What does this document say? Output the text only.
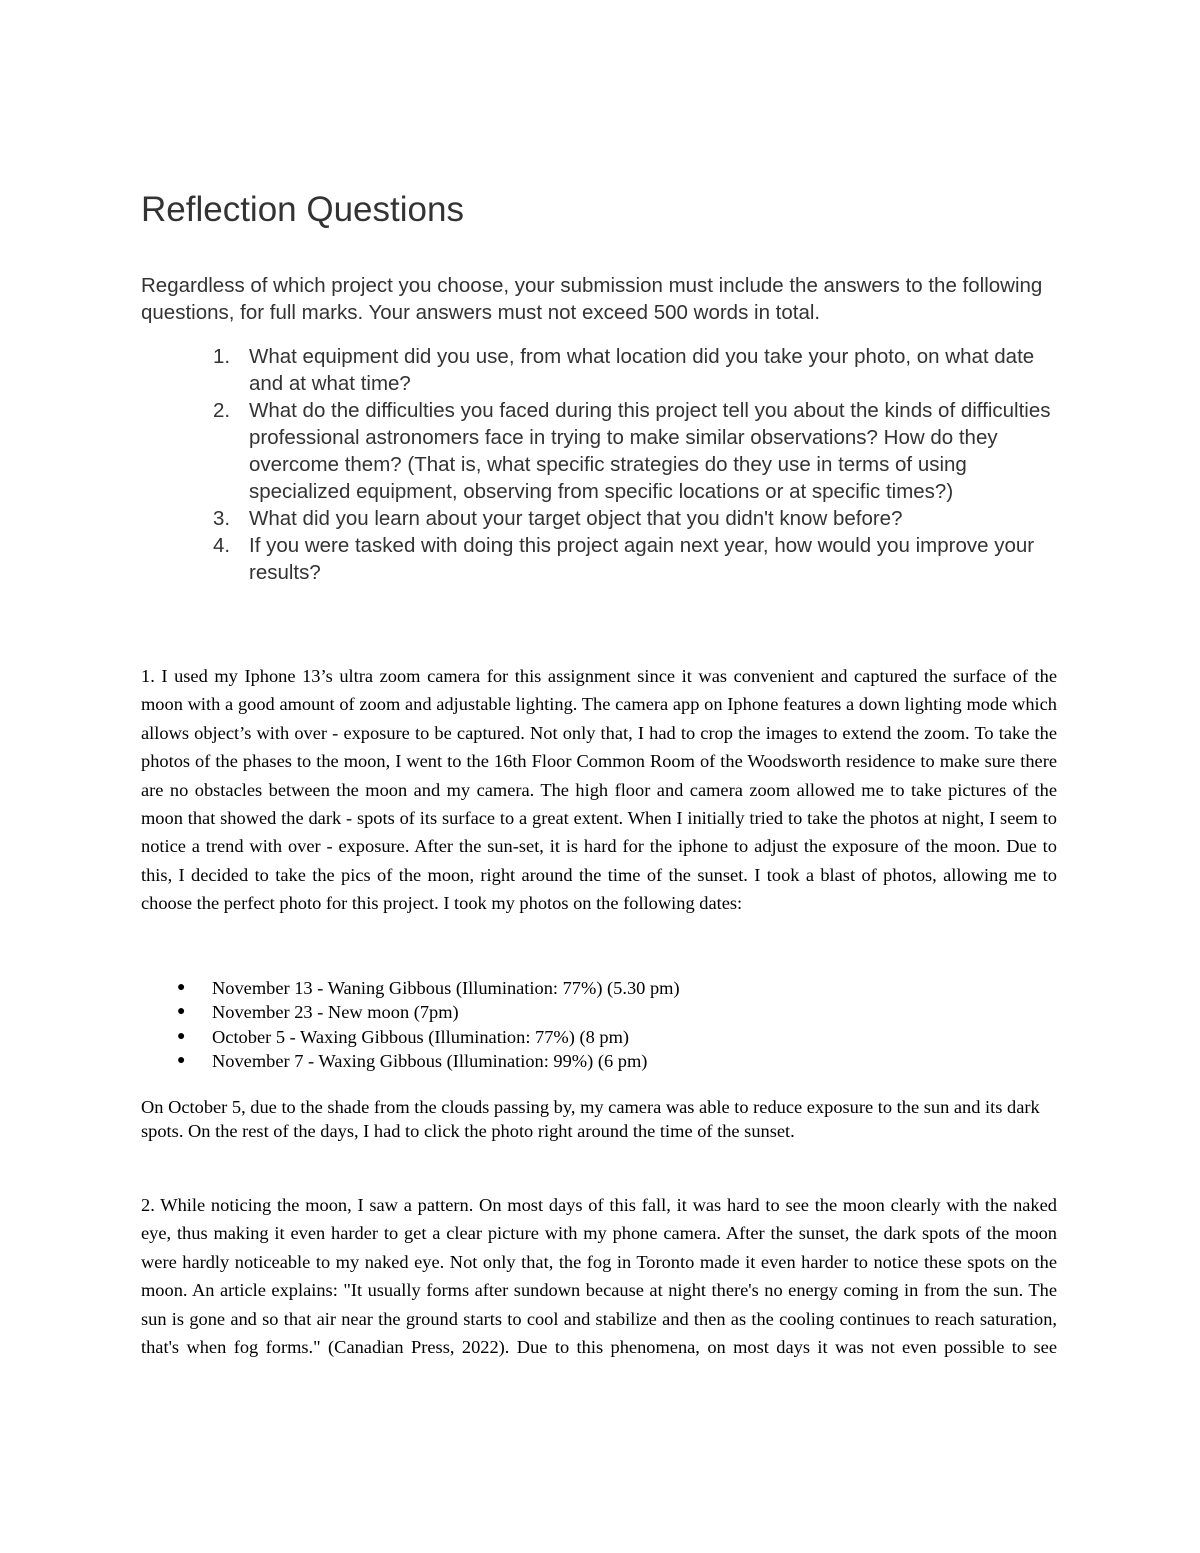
Reflection Questions

Regardless of which project you choose, your submission must include the answers to the following questions, for full marks. Your answers must not exceed 500 words in total.

1. What equipment did you use, from what location did you take your photo, on what date and at what time?
2. What do the difficulties you faced during this project tell you about the kinds of difficulties professional astronomers face in trying to make similar observations? How do they overcome them? (That is, what specific strategies do they use in terms of using specialized equipment, observing from specific locations or at specific times?)
3. What did you learn about your target object that you didn't know before?
4. If you were tasked with doing this project again next year, how would you improve your results?

1. I used my Iphone 13’s ultra zoom camera for this assignment since it was convenient and captured the surface of the moon with a good amount of zoom and adjustable lighting. The camera app on Iphone features a down lighting mode which allows object’s with over - exposure to be captured. Not only that, I had to crop the images to extend the zoom. To take the photos of the phases to the moon, I went to the 16th Floor Common Room of the Woodsworth residence to make sure there are no obstacles between the moon and my camera. The high floor and camera zoom allowed me to take pictures of the moon that showed the dark - spots of its surface to a great extent. When I initially tried to take the photos at night, I seem to notice a trend with over - exposure. After the sun-set, it is hard for the iphone to adjust the exposure of the moon. Due to this, I decided to take the pics of the moon, right around the time of the sunset. I took a blast of photos, allowing me to choose the perfect photo for this project. I took my photos on the following dates:

● November 13 - Waning Gibbous (Illumination: 77%) (5.30 pm)
● November 23 - New moon (7pm)
● October 5 - Waxing Gibbous (Illumination: 77%) (8 pm)
● November 7 - Waxing Gibbous (Illumination: 99%) (6 pm)

On October 5, due to the shade from the clouds passing by, my camera was able to reduce exposure to the sun and its dark spots. On the rest of the days, I had to click the photo right around the time of the sunset.

2. While noticing the moon, I saw a pattern. On most days of this fall, it was hard to see the moon clearly with the naked eye, thus making it even harder to get a clear picture with my phone camera. After the sunset, the dark spots of the moon were hardly noticeable to my naked eye. Not only that, the fog in Toronto made it even harder to notice these spots on the moon. An article explains: "It usually forms after sundown because at night there's no energy coming in from the sun. The sun is gone and so that air near the ground starts to cool and stabilize and then as the cooling continues to reach saturation, that's when fog forms." (Canadian Press, 2022). Due to this phenomena, on most days it was not even possible to see
